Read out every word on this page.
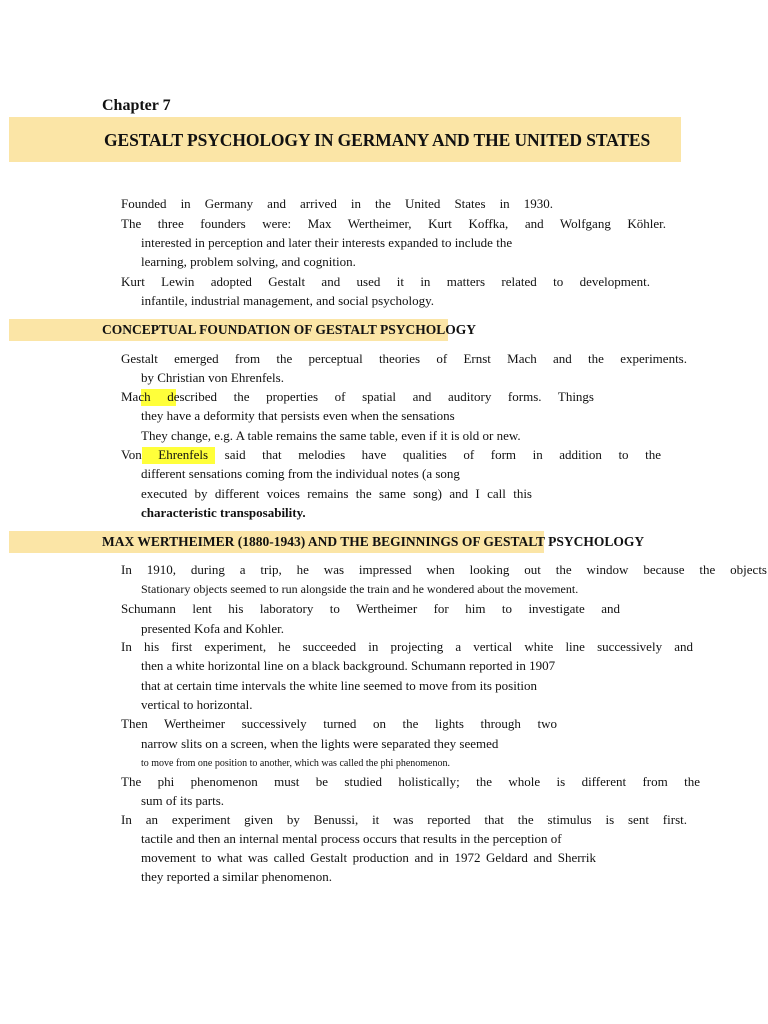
Chapter 7
GESTALT PSYCHOLOGY IN GERMANY AND THE UNITED STATES
Founded in Germany and arrived in the United States in 1930.
The three founders were: Max Wertheimer, Kurt Koffka, and Wolfgang Köhler.
interested in perception and later their interests expanded to include the
learning, problem solving, and cognition.
Kurt Lewin adopted Gestalt and used it in matters related to development.
infantile, industrial management, and social psychology.
CONCEPTUAL FOUNDATION OF GESTALT PSYCHOLOGY
Gestalt emerged from the perceptual theories of Ernst Mach and the experiments.
by Christian von Ehrenfels.
Mach described the properties of spatial and auditory forms. Things
they have a deformity that persists even when the sensations
They change, e.g. A table remains the same table, even if it is old or new.
Von Ehrenfels said that melodies have qualities of form in addition to the
different sensations coming from the individual notes (a song
executed by different voices remains the same song) and I call this
characteristic transposability.
MAX WERTHEIMER (1880-1943) AND THE BEGINNINGS OF GESTALT PSYCHOLOGY
In 1910, during a trip, he was impressed when looking out the window because the objects
Stationary objects seemed to run alongside the train and he wondered about the movement.
Schumann lent his laboratory to Wertheimer for him to investigate and
presented Kofa and Kohler.
In his first experiment, he succeeded in projecting a vertical white line successively and
then a white horizontal line on a black background. Schumann reported in 1907
that at certain time intervals the white line seemed to move from its position
vertical to horizontal.
Then Wertheimer successively turned on the lights through two
narrow slits on a screen, when the lights were separated they seemed
to move from one position to another, which was called the phi phenomenon.
The phi phenomenon must be studied holistically; the whole is different from the
sum of its parts.
In an experiment given by Benussi, it was reported that the stimulus is sent first.
tactile and then an internal mental process occurs that results in the perception of
movement to what was called Gestalt production and in 1972 Geldard and Sherrik
they reported a similar phenomenon.
